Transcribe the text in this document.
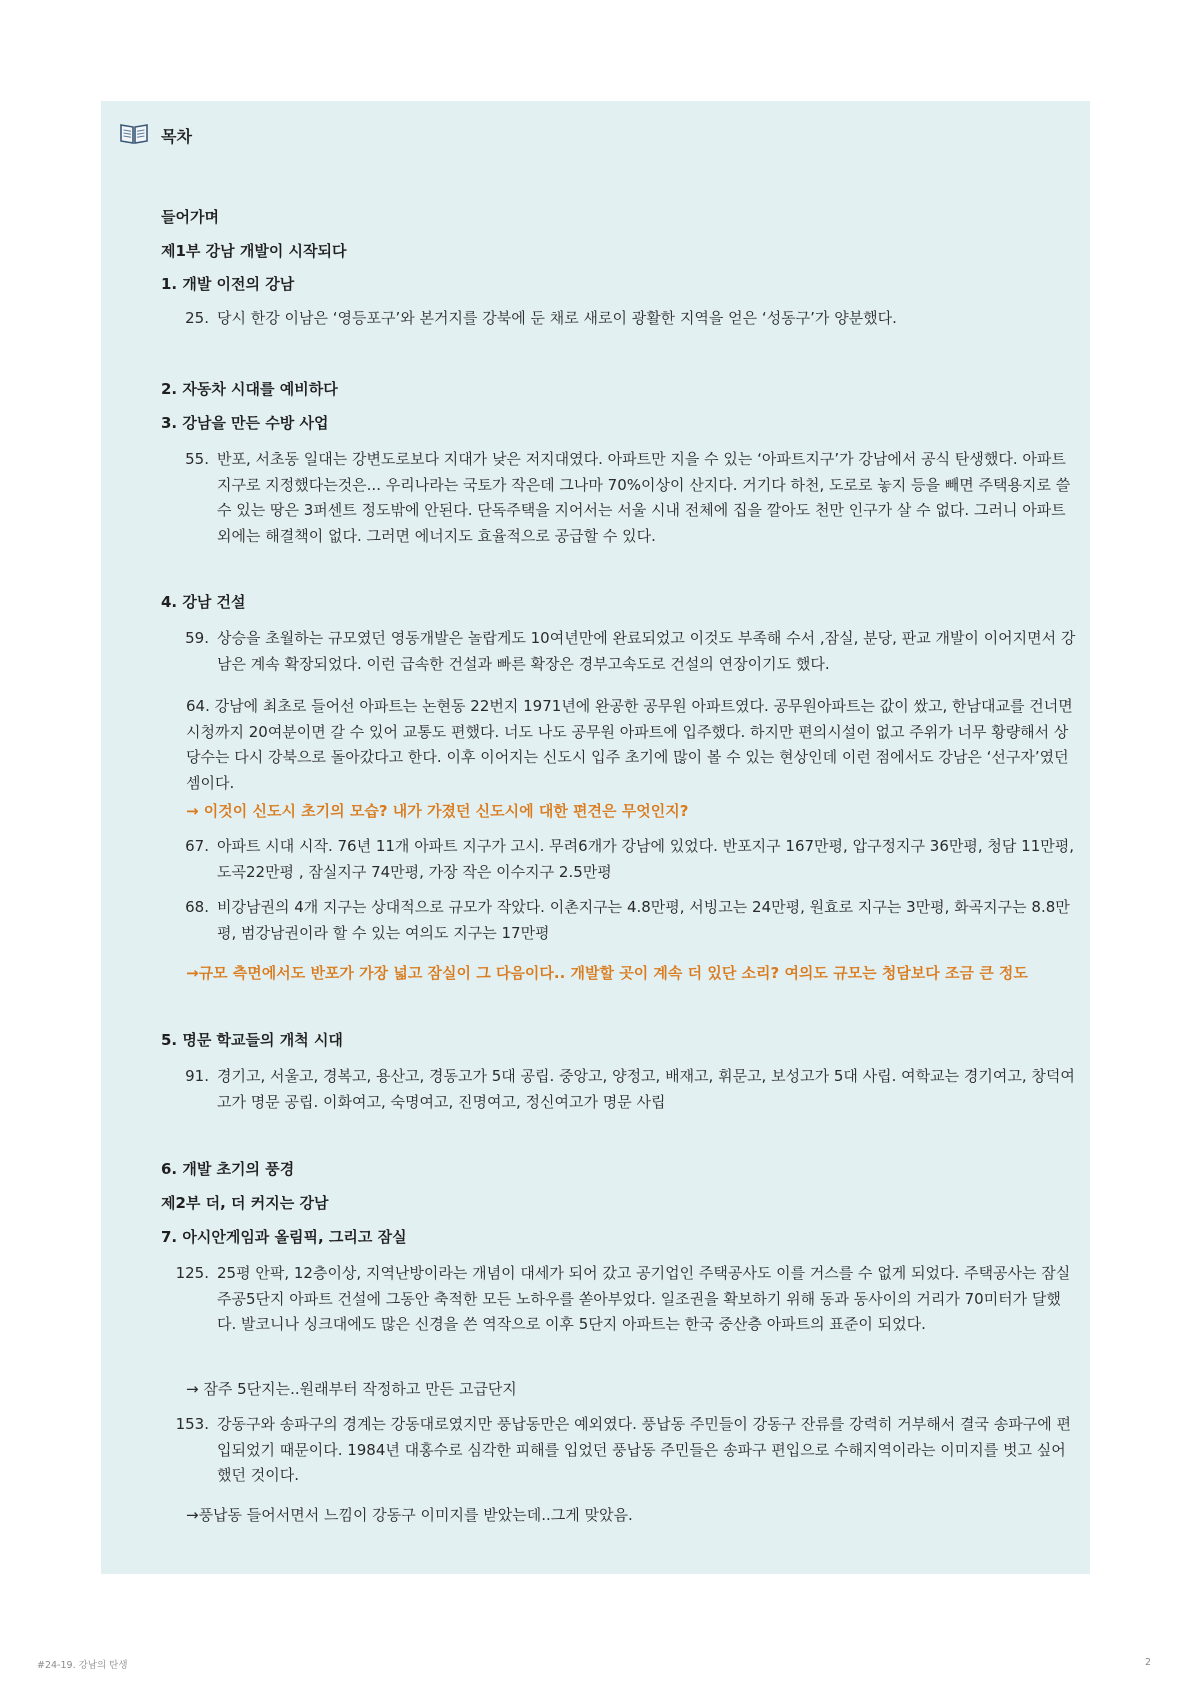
목차
들어가며
제1부 강남 개발이 시작되다
1. 개발 이전의 강남
25. 당시 한강 이남은 ‘영등포구’와 본거지를 강북에 둔 채로 새로이 광활한 지역을 얻은 ‘성동구’가 양분했다.
2. 자동차 시대를 예비하다
3. 강남을 만든 수방 사업
55. 반포, 서초동 일대는 강변도로보다 지대가 낮은 저지대였다. 아파트만 지을 수 있는 ‘아파트지구’가 강남에서 공식 탄생했다. 아파트 지구로 지정했다는것은... 우리나라는 국토가 작은데 그나마 70%이상이 산지다. 거기다 하천, 도로로 놓지 등을 빼면 주택용지로 쓸 수 있는 땅은 3퍼센트 정도밖에 안된다. 단독주택을 지어서는 서울 시내 전체에 집을 깔아도 천만 인구가 살 수 없다. 그러니 아파트 외에는 해결책이 없다. 그러면 에너지도 효율적으로 공급할 수 있다.
4. 강남 건설
59. 상승을 초월하는 규모였던 영동개발은 놀랍게도 10여년만에 완료되었고 이것도 부족해 수서 ,잠실, 분당, 판교 개발이 이어지면서 강남은 계속 확장되었다. 이런 급속한 건설과 빠른 확장은 경부고속도로 건설의 연장이기도 했다.
64. 강남에 최초로 들어선 아파트는 논현동 22번지 1971년에 완공한 공무원 아파트였다. 공무원아파트는 값이 쌌고, 한남대교를 건너면 시청까지 20여분이면 갈 수 있어 교통도 편했다. 너도 나도 공무원 아파트에 입주했다. 하지만 편의시설이 없고 주위가 너무 황량해서 상당수는 다시 강북으로 돌아갔다고 한다. 이후 이어지는 신도시 입주 초기에 많이 볼 수 있는 현상인데 이런 점에서도 강남은 ‘선구자’였던 셈이다.
→ 이것이 신도시 초기의 모습? 내가 가졌던 신도시에 대한 편견은 무엇인지?
67. 아파트 시대 시작. 76년 11개 아파트 지구가 고시. 무려6개가 강남에 있었다. 반포지구 167만평, 압구정지구 36만평, 청담 11만평, 도곡22만평 , 잠실지구 74만평, 가장 작은 이수지구 2.5만평
68. 비강남권의 4개 지구는 상대적으로 규모가 작았다. 이촌지구는 4.8만평, 서빙고는 24만평, 원효로 지구는 3만평, 화곡지구는 8.8만평, 범강남권이라 할 수 있는 여의도 지구는 17만평
→규모 측면에서도 반포가 가장 넓고 잠실이 그 다음이다.. 개발할 곳이 계속 더 있단 소리? 여의도 규모는 청담보다 조금 큰 정도
5. 명문 학교들의 개척 시대
91. 경기고, 서울고, 경복고, 용산고, 경동고가 5대 공립. 중앙고, 양정고, 배재고, 휘문고, 보성고가 5대 사립. 여학교는 경기여고, 창덕여고가 명문 공립. 이화여고, 숙명여고, 진명여고, 정신여고가 명문 사립
6. 개발 초기의 풍경
제2부 더, 더 커지는 강남
7. 아시안게임과 올림픽, 그리고 잠실
125. 25평 안팍, 12층이상, 지역난방이라는 개념이 대세가 되어 갔고 공기업인 주택공사도 이를 거스를 수 없게 되었다. 주택공사는 잠실주공5단지 아파트 건설에 그동안 축적한 모든 노하우를 쏟아부었다. 일조권을 확보하기 위해 동과 동사이의 거리가 70미터가 달했다. 발코니나 싱크대에도 많은 신경을 쓴 역작으로 이후 5단지 아파트는 한국 중산층 아파트의 표준이 되었다.
→ 잠주 5단지는..원래부터 작정하고 만든 고급단지
153. 강동구와 송파구의 경계는 강동대로였지만 풍납동만은 예외였다. 풍납동 주민들이 강동구 잔류를 강력히 거부해서 결국 송파구에 편입되었기 때문이다. 1984년 대홍수로 심각한 피해를 입었던 풍납동 주민들은 송파구 편입으로 수해지역이라는 이미지를 벗고 싶어했던 것이다.
→풍납동 들어서면서 느낌이 강동구 이미지를 받았는데..그게 맞았음.
#24-19. 강남의 탄생	2
